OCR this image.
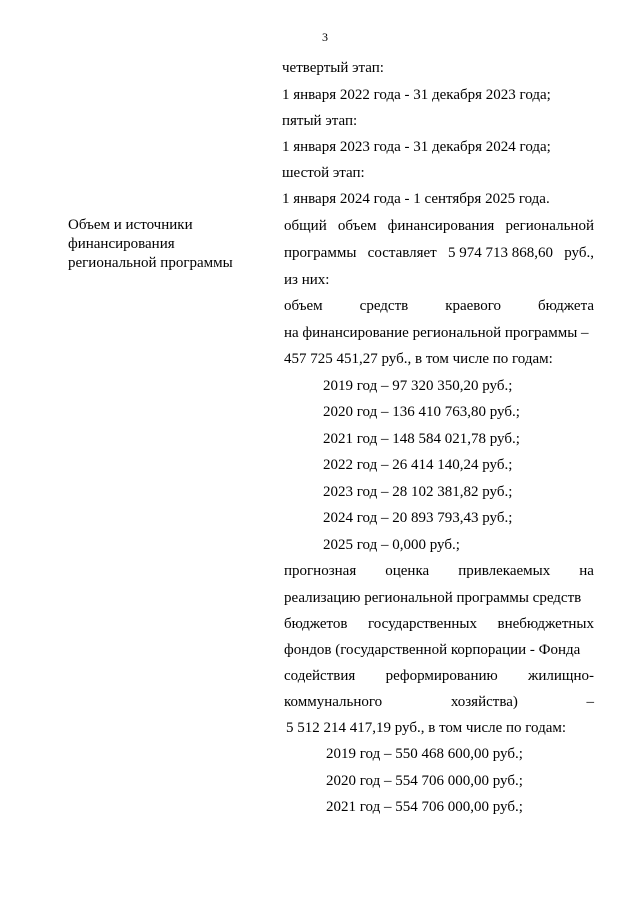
3
четвертый этап:
1 января 2022 года - 31 декабря 2023 года;
пятый этап:
1 января 2023 года - 31 декабря 2024 года;
шестой этап:
1 января 2024 года - 1 сентября 2025 года.
Объем и источники
финансирования
региональной программы
общий объем финансирования региональной
программы составляет 5 974 713 868,60 руб.,
из них:
объем средств краевого бюджета
на финансирование региональной программы –
457 725 451,27 руб., в том числе по годам:
2019 год – 97 320 350,20 руб.;
2020 год – 136 410 763,80 руб.;
2021 год – 148 584 021,78 руб.;
2022 год – 26 414 140,24 руб.;
2023 год – 28 102 381,82 руб.;
2024 год – 20 893 793,43 руб.;
2025 год – 0,000 руб.;
прогнозная оценка привлекаемых на
реализацию региональной программы средств
бюджетов государственных внебюджетных
фондов (государственной корпорации - Фонда
содействия реформированию жилищно-
коммунального	хозяйства)	–
5 512 214 417,19 руб., в том числе по годам:
2019 год – 550 468 600,00 руб.;
2020 год – 554 706 000,00 руб.;
2021 год – 554 706 000,00 руб.;
